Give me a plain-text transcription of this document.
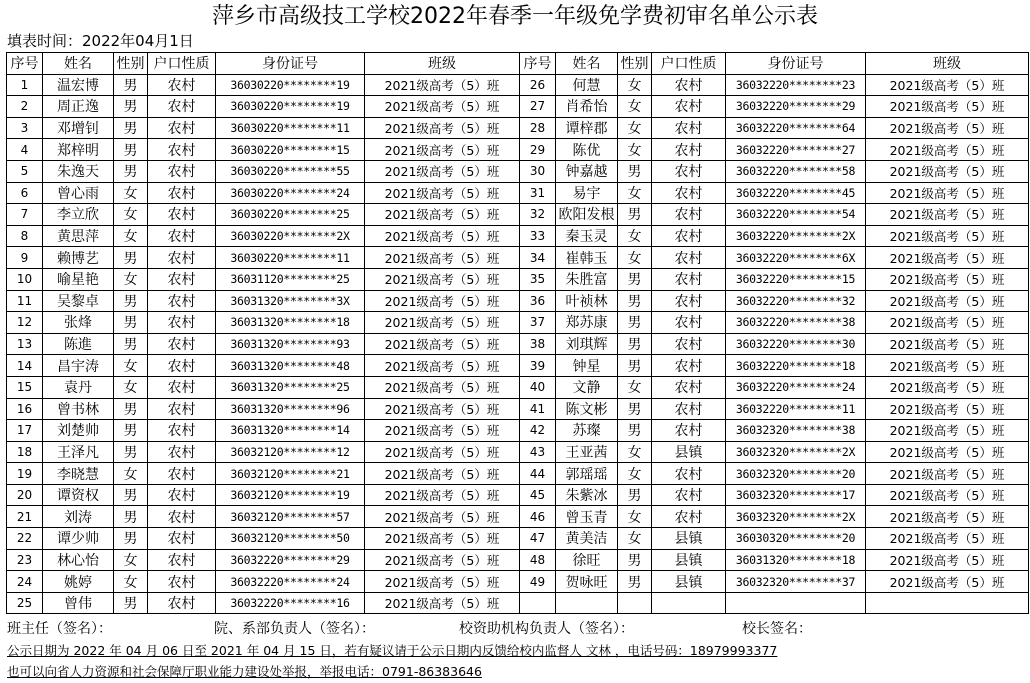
萍乡市高级技工学校2022年春季一年级免学费初审名单公示表
填表时间：2022年04月1日
序号	姓名	性别	户口性质	身份证号	班级	序号	姓名	性别	户口性质	身份证号	班级
1	温宏博	男	农村	36030220********19	2021级高考（5）班	26	何慧	女	农村	36032220********23	2021级高考（5）班
2	周正逸	男	农村	36030220********19	2021级高考（5）班	27	肖希怡	女	农村	36032220********29	2021级高考（5）班
3	邓增钊	男	农村	36030220********11	2021级高考（5）班	28	谭梓郡	女	农村	36032220********64	2021级高考（5）班
4	郑梓明	男	农村	36030220********15	2021级高考（5）班	29	陈优	女	农村	36032220********27	2021级高考（5）班
5	朱逸天	男	农村	36030220********55	2021级高考（5）班	30	钟嘉越	男	农村	36032220********58	2021级高考（5）班
6	曾心雨	女	农村	36030220********24	2021级高考（5）班	31	易宇	女	农村	36032220********45	2021级高考（5）班
7	李立欣	女	农村	36030220********25	2021级高考（5）班	32	欧阳发根	男	农村	36032220********54	2021级高考（5）班
8	黄思萍	女	农村	36030220********2X	2021级高考（5）班	33	秦玉灵	女	农村	36032220********2X	2021级高考（5）班
9	赖博艺	男	农村	36030220********11	2021级高考（5）班	34	崔韩玉	女	农村	36032220********6X	2021级高考（5）班
10	喻星艳	女	农村	36031120********25	2021级高考（5）班	35	朱胜富	男	农村	36032220********15	2021级高考（5）班
11	吴黎卓	男	农村	36031320********3X	2021级高考（5）班	36	叶祯林	男	农村	36032220********32	2021级高考（5）班
12	张烽	男	农村	36031320********18	2021级高考（5）班	37	郑苏康	男	农村	36032220********38	2021级高考（5）班
13	陈進	男	农村	36031320********93	2021级高考（5）班	38	刘琪辉	男	农村	36032220********30	2021级高考（5）班
14	昌宇涛	女	农村	36031320********48	2021级高考（5）班	39	钟星	男	农村	36032220********18	2021级高考（5）班
15	袁丹	女	农村	36031320********25	2021级高考（5）班	40	文静	女	农村	36032220********24	2021级高考（5）班
16	曾书林	男	农村	36031320********96	2021级高考（5）班	41	陈文彬	男	农村	36032220********11	2021级高考（5）班
17	刘楚帅	男	农村	36031320********14	2021级高考（5）班	42	苏璨	男	农村	36032320********38	2021级高考（5）班
18	王泽凡	男	农村	36032120********12	2021级高考（5）班	43	王亚茜	女	县镇	36032320********2X	2021级高考（5）班
19	李晓慧	女	农村	36032120********21	2021级高考（5）班	44	郭瑶瑶	女	农村	36032320********20	2021级高考（5）班
20	谭资权	男	农村	36032120********19	2021级高考（5）班	45	朱紫冰	男	农村	36032320********17	2021级高考（5）班
21	刘涛	男	农村	36032120********57	2021级高考（5）班	46	曾玉青	女	农村	36032320********2X	2021级高考（5）班
22	谭少帅	男	农村	36032120********50	2021级高考（5）班	47	黄美洁	女	县镇	36030320********20	2021级高考（5）班
23	林心怡	女	农村	36032220********29	2021级高考（5）班	48	徐旺	男	县镇	36031320********18	2021级高考（5）班
24	姚婷	女	农村	36032220********24	2021级高考（5）班	49	贺咏旺	男	县镇	36032320********37	2021级高考（5）班
25	曾伟	男	农村	36032220********16	2021级高考（5）班						
班主任（签名）：	院、系部负责人（签名）：	校资助机构负责人（签名）：	校长签名：
公示日期为 2022 年 04 月 06 日至 2021 年 04 月 15 日，若有疑议请于公示日期内反馈给校内监督人 文林 ，电话号码：18979993377
也可以向省人力资源和社会保障厅职业能力建设处举报，举报电话：0791-86383646
